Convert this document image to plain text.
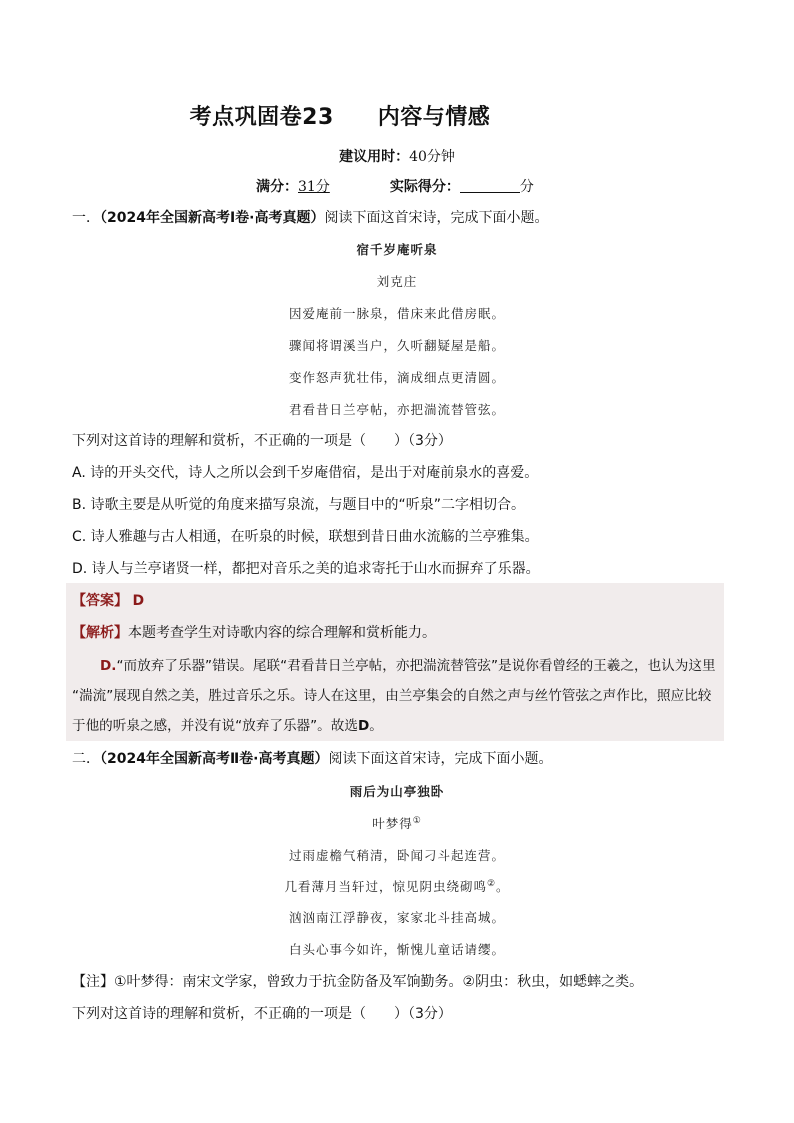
考点巩固卷23 内容与情感
建议用时：40分钟
满分：31分	实际得分：	分
一．（2024年全国新高考Ⅰ卷·高考真题）阅读下面这首宋诗，完成下面小题。
宿千岁庵听泉
刘克庄
因爱庵前一脉泉，借床来此借房眠。
骤闻将谓溪当户，久听翻疑屋是船。
变作怒声犹壮伟，滴成细点更清圆。
君看昔日兰亭帖，亦把湍流替管弦。
下列对这首诗的理解和赏析，不正确的一项是（　　）（3分）
A. 诗的开头交代，诗人之所以会到千岁庵借宿，是出于对庵前泉水的喜爱。
B. 诗歌主要是从听觉的角度来描写泉流，与题目中的“听泉”二字相切合。
C. 诗人雅趣与古人相通，在听泉的时候，联想到昔日曲水流觞的兰亭雅集。
D. 诗人与兰亭诸贤一样，都把对音乐之美的追求寄托于山水而摒弃了乐器。
【答案】 D
【解析】本题考查学生对诗歌内容的综合理解和赏析能力。
D.“而放弃了乐器”错误。尾联“君看昔日兰亭帖，亦把湍流替管弦”是说你看曾经的王羲之，也认为这里
“湍流”展现自然之美，胜过音乐之乐。诗人在这里，由兰亭集会的自然之声与丝竹管弦之声作比，照应比较
于他的听泉之感，并没有说“放弃了乐器”。故选D。
二．（2024年全国新高考Ⅱ卷·高考真题）阅读下面这首宋诗，完成下面小题。
雨后为山亭独卧
叶梦得①
过雨虚檐气稍清，卧闻刁斗起连营。
几看薄月当轩过，惊见阴虫绕砌鸣②。
汹汹南江浮静夜，家家北斗挂高城。
白头心事今如许，惭愧儿童话请缨。
【注】①叶梦得：南宋文学家，曾致力于抗金防备及军饷勤务。②阴虫：秋虫，如蟋蟀之类。
下列对这首诗的理解和赏析，不正确的一项是（　　）（3分）
